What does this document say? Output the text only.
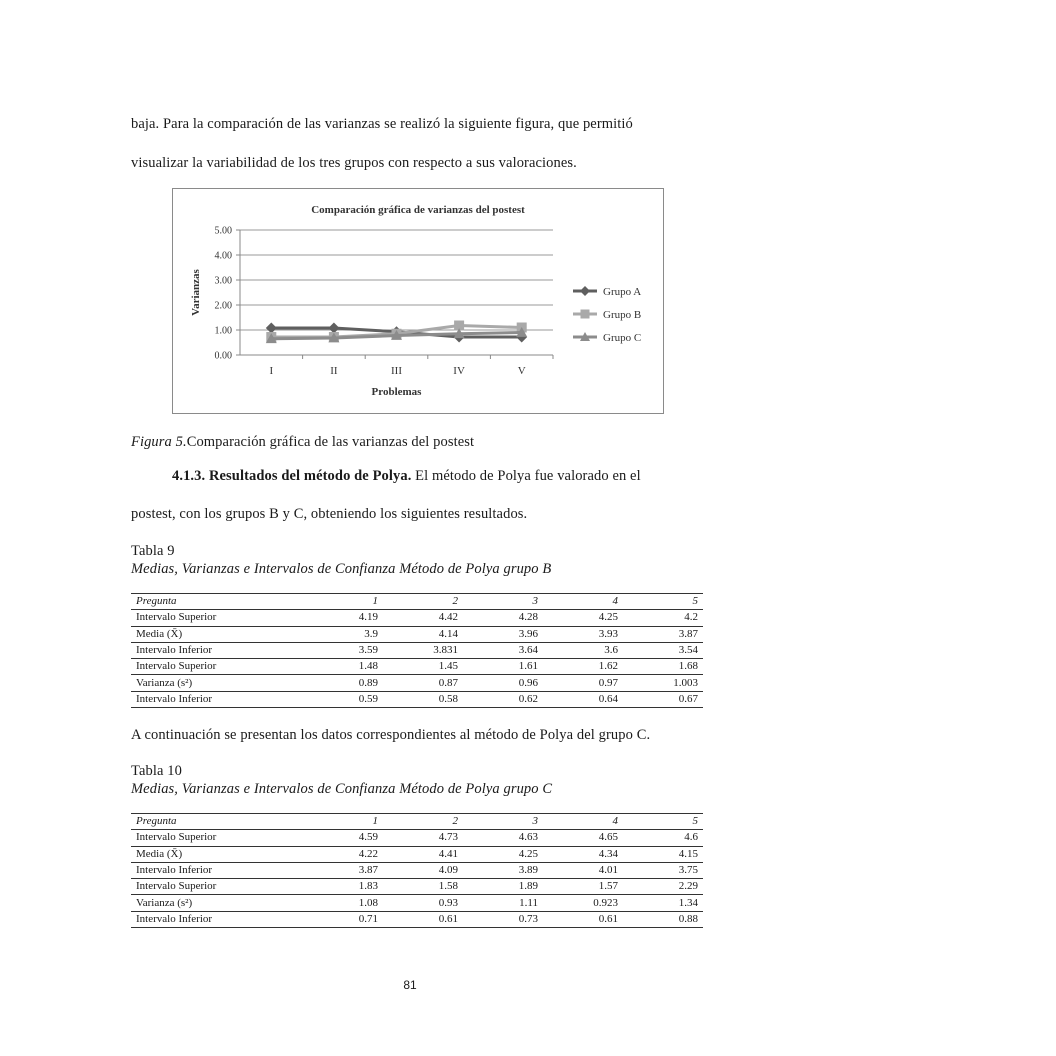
baja. Para la comparación de las varianzas se realizó la siguiente figura, que permitió
visualizar la variabilidad de los tres grupos con respecto a sus valoraciones.
Comparación gráfica de varianzas del postest
0.00
1.00
2.00
3.00
4.00
5.00
I	II	III	IV	V
Problemas
Varianzas	Grupo A
Grupo B
Grupo C
Figura 5.Comparación gráfica de las varianzas del postest
4.1.3. Resultados del método de Polya. El método de Polya fue valorado en el
postest, con los grupos B y C, obteniendo los siguientes resultados.
Tabla 9
Medias, Varianzas e Intervalos de Confianza Método de Polya grupo B
Pregunta	1	2	3	4	5
Intervalo Superior	4.19	4.42	4.28	4.25	4.2
Media (X̄)	3.9	4.14	3.96	3.93	3.87
Intervalo Inferior	3.59	3.831	3.64	3.6	3.54
Intervalo Superior	1.48	1.45	1.61	1.62	1.68
Varianza (s²)	0.89	0.87	0.96	0.97	1.003
Intervalo Inferior	0.59	0.58	0.62	0.64	0.67
A continuación se presentan los datos correspondientes al método de Polya del grupo C.
Tabla 10
Medias, Varianzas e Intervalos de Confianza Método de Polya grupo C
Pregunta	1	2	3	4	5
Intervalo Superior	4.59	4.73	4.63	4.65	4.6
Media (X̄)	4.22	4.41	4.25	4.34	4.15
Intervalo Inferior	3.87	4.09	3.89	4.01	3.75
Intervalo Superior	1.83	1.58	1.89	1.57	2.29
Varianza (s²)	1.08	0.93	1.11	0.923	1.34
Intervalo Inferior	0.71	0.61	0.73	0.61	0.88
81
